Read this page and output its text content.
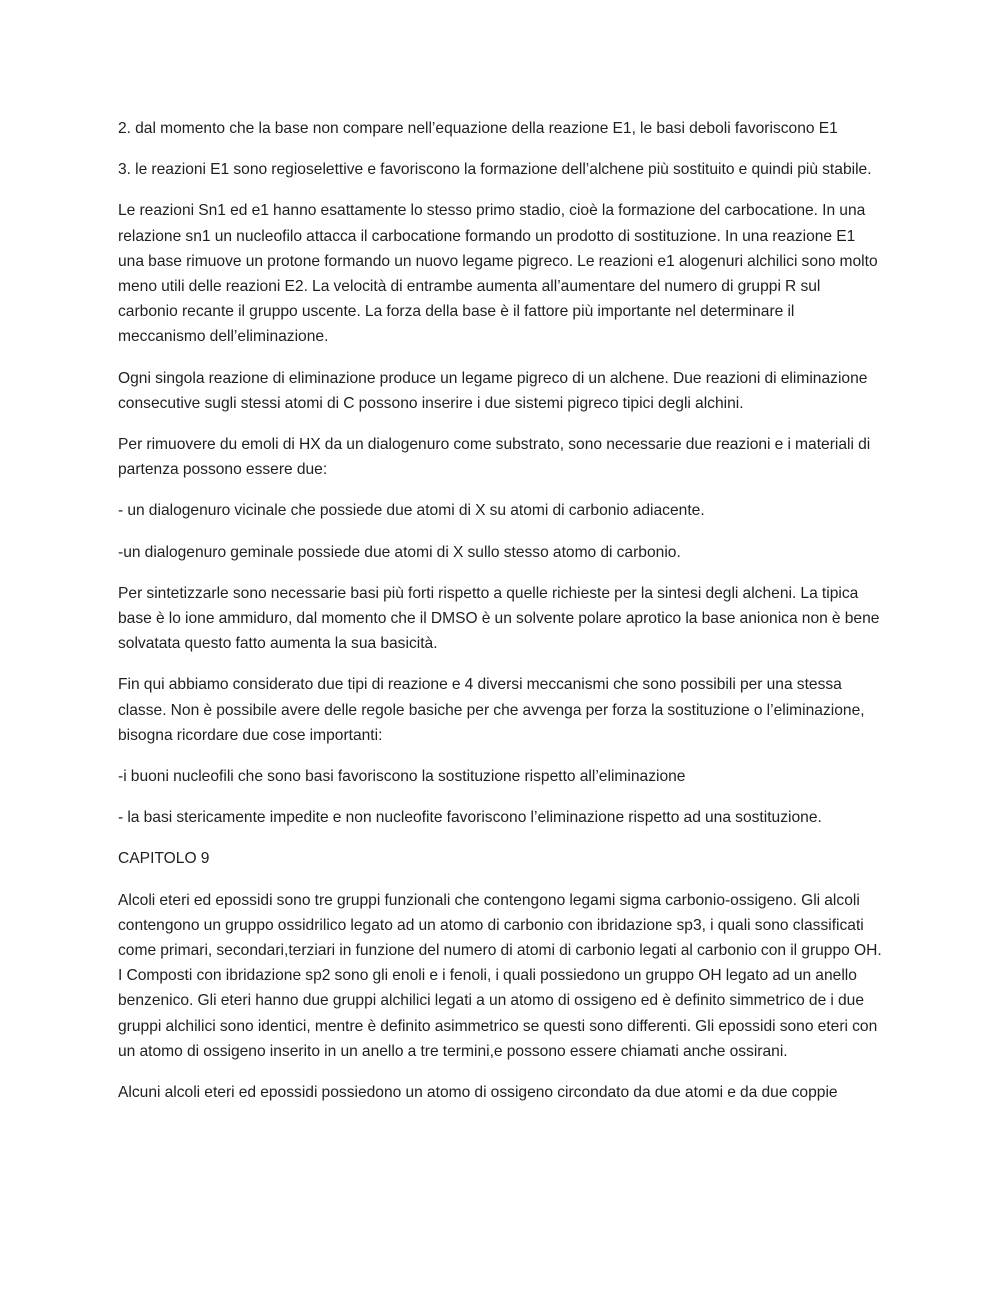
2. dal momento che la base non compare nell’equazione della reazione E1, le basi deboli favoriscono E1

3. le reazioni E1 sono regioselettive e favoriscono la formazione dell’alchene più sostituito e quindi più stabile.

Le reazioni Sn1 ed e1 hanno esattamente lo stesso primo stadio, cioè la formazione del carbocatione. In una relazione sn1 un nucleofilo attacca il carbocatione formando un prodotto di sostituzione. In una reazione E1 una base rimuove un protone formando un nuovo legame pigreco. Le reazioni e1 alogenuri alchilici sono molto meno utili delle reazioni E2. La velocità di entrambe aumenta all’aumentare del numero di gruppi R sul carbonio recante il gruppo uscente. La forza della base è il fattore più importante nel determinare il meccanismo dell’eliminazione.

Ogni singola reazione di eliminazione produce un legame pigreco di un alchene. Due reazioni di eliminazione consecutive sugli stessi atomi di C possono inserire i due sistemi pigreco tipici degli alchini.

Per rimuovere du emoli di HX da un dialogenuro come substrato, sono necessarie due reazioni e i materiali di partenza possono essere due:

- un dialogenuro vicinale che possiede due atomi di X su atomi di carbonio adiacente.

-un dialogenuro geminale possiede due atomi di X sullo stesso atomo di carbonio.

Per sintetizzarle sono necessarie basi più forti rispetto a quelle richieste per la sintesi degli alcheni. La tipica base è lo ione ammiduro, dal momento che il DMSO è un solvente polare aprotico la base anionica non è bene solvatata questo fatto aumenta la sua basicità.

Fin qui abbiamo considerato due tipi di reazione e 4 diversi meccanismi che sono possibili per una stessa classe. Non è possibile avere delle regole basiche per che avvenga per forza la sostituzione o l’eliminazione, bisogna ricordare due cose importanti:

-i buoni nucleofili che sono basi favoriscono la sostituzione rispetto all’eliminazione

- la basi stericamente impedite e non nucleofite favoriscono l’eliminazione rispetto ad una sostituzione.

CAPITOLO 9

Alcoli eteri ed epossidi sono tre gruppi funzionali che contengono legami sigma carbonio-ossigeno. Gli alcoli contengono un gruppo ossidrilico legato ad un atomo di carbonio con ibridazione sp3, i quali sono classificati come primari, secondari,terziari in funzione del numero di atomi di carbonio legati al carbonio con il gruppo OH. I Composti con ibridazione sp2 sono gli enoli e i fenoli, i quali possiedono un gruppo OH legato ad un anello benzenico. Gli eteri hanno due gruppi alchilici legati a un atomo di ossigeno ed è definito simmetrico de i due gruppi alchilici sono identici, mentre è definito asimmetrico se questi sono differenti. Gli epossidi sono eteri con un atomo di ossigeno inserito in un anello a tre termini,e possono essere chiamati anche ossirani.

Alcuni alcoli eteri ed epossidi possiedono un atomo di ossigeno circondato da due atomi e da due coppie
